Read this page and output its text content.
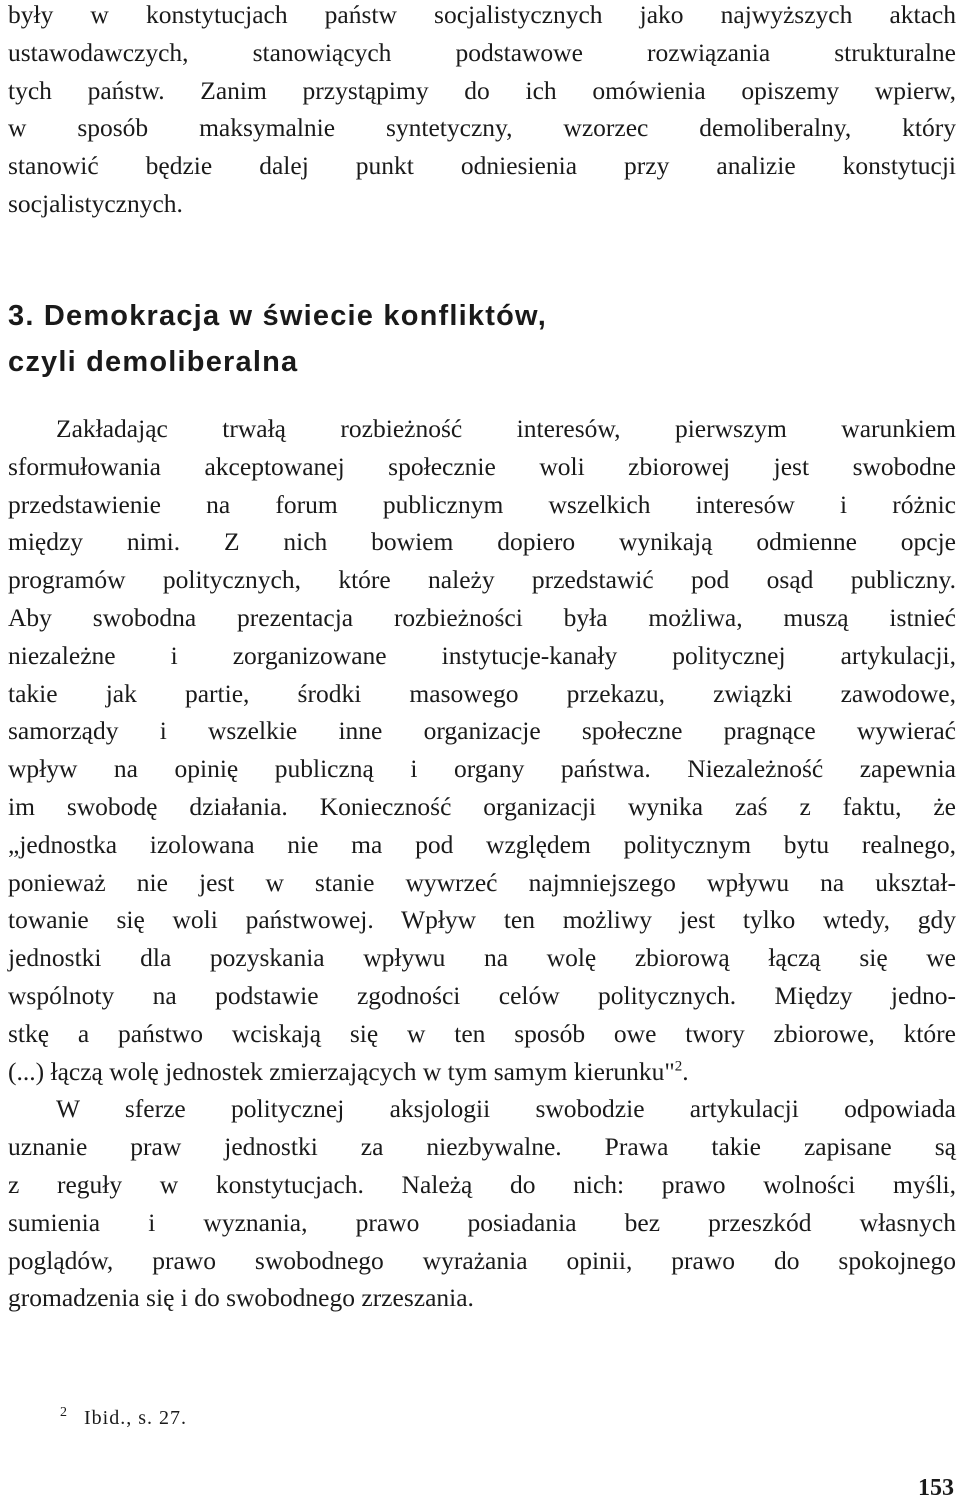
były w konstytucjach państw socjalistycznych jako najwyższych aktach
ustawodawczych, stanowiących podstawowe rozwiązania strukturalne
tych państw. Zanim przystąpimy do ich omówienia opiszemy wpierw,
w sposób maksymalnie syntetyczny, wzorzec demoliberalny, który
stanowić będzie dalej punkt odniesienia przy analizie konstytucji
socjalistycznych.
3. Demokracja w świecie konfliktów,
czyli demoliberalna
Zakładając trwałą rozbieżność interesów, pierwszym warunkiem
sformułowania akceptowanej społecznie woli zbiorowej jest swobodne
przedstawienie na forum publicznym wszelkich interesów i różnic
między nimi. Z nich bowiem dopiero wynikają odmienne opcje
programów politycznych, które należy przedstawić pod osąd publiczny.
Aby swobodna prezentacja rozbieżności była możliwa, muszą istnieć
niezależne i zorganizowane instytucje-kanały politycznej artykulacji,
takie jak partie, środki masowego przekazu, związki zawodowe,
samorządy i wszelkie inne organizacje społeczne pragnące wywierać
wpływ na opinię publiczną i organy państwa. Niezależność zapewnia
im swobodę działania. Konieczność organizacji wynika zaś z faktu, że
„jednostka izolowana nie ma pod względem politycznym bytu realnego,
ponieważ nie jest w stanie wywrzeć najmniejszego wpływu na ukształ-
towanie się woli państwowej. Wpływ ten możliwy jest tylko wtedy, gdy
jednostki dla pozyskania wpływu na wolę zbiorową łączą się we
wspólnoty na podstawie zgodności celów politycznych. Między jedno-
stkę a państwo wciskają się w ten sposób owe twory zbiorowe, które
(...) łączą wolę jednostek zmierzających w tym samym kierunku"$^2$.
W sferze politycznej aksjologii swobodzie artykulacji odpowiada
uznanie praw jednostki za niezbywalne. Prawa takie zapisane są
z reguły w konstytucjach. Należą do nich: prawo wolności myśli,
sumienia i wyznania, prawo posiadania bez przeszkód własnych
poglądów, prawo swobodnego wyrażania opinii, prawo do spokojnego
gromadzenia się i do swobodnego zrzeszania.
$^2$ Ibid., s. 27.
153
